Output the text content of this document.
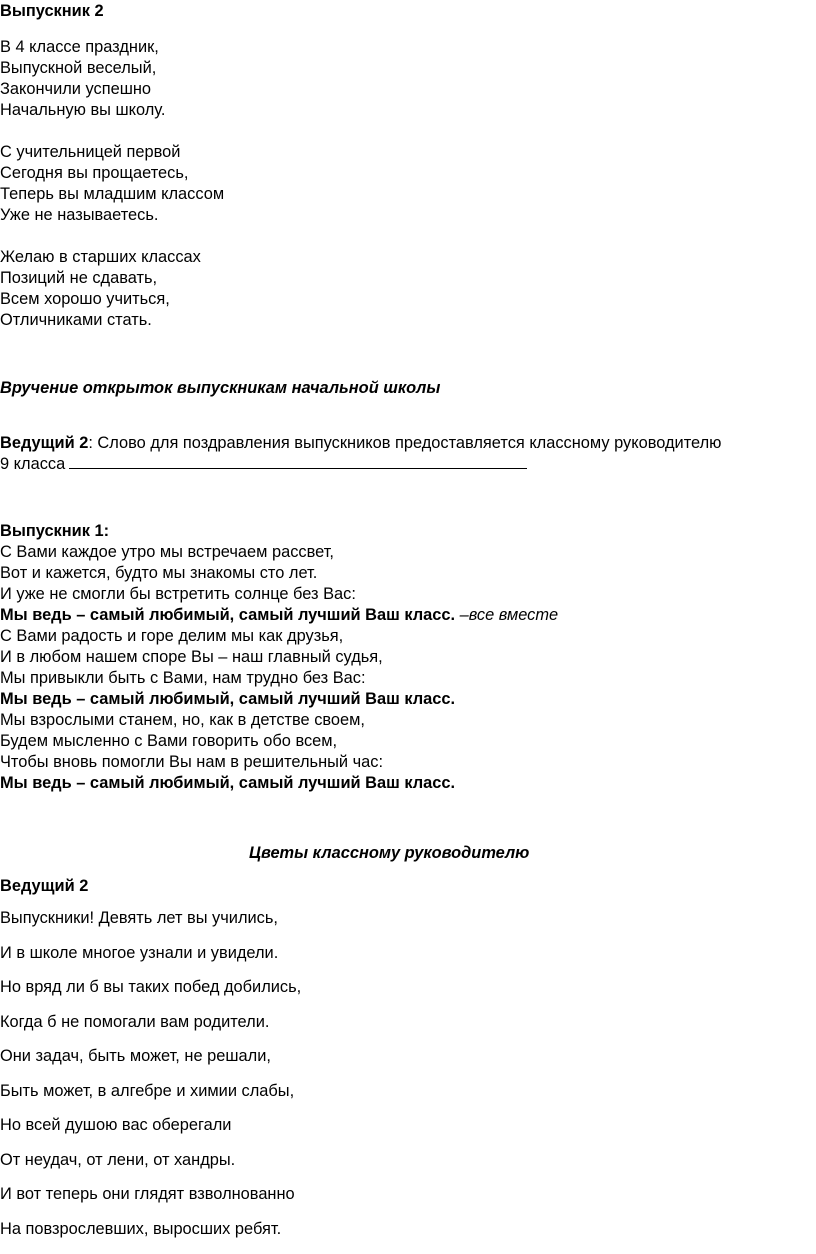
Выпускник 2
В 4 классе праздник,
Выпускной веселый,
Закончили успешно
Начальную вы школу.
С учительницей первой
Сегодня вы прощаетесь,
Теперь вы младшим классом
Уже не называетесь.
Желаю в старших классах
Позиций не сдавать,
Всем хорошо учиться,
Отличниками стать.
Вручение открыток выпускникам начальной школы
Ведущий 2: Слово для поздравления выпускников предоставляется классному руководителю
9 класса
Выпускник 1:
С Вами каждое утро мы встречаем рассвет,
Вот и кажется, будто мы знакомы сто лет.
И уже не смогли бы встретить солнце без Вас:
Мы ведь – самый любимый, самый лучший Ваш класс. –все вместе
С Вами радость и горе делим мы как друзья,
И в любом нашем споре Вы – наш главный судья,
Мы привыкли быть с Вами, нам трудно без Вас:
Мы ведь – самый любимый, самый лучший Ваш класс.
Мы взрослыми станем, но, как в детстве своем,
Будем мысленно с Вами говорить обо всем,
Чтобы вновь помогли Вы нам в решительный час:
Мы ведь – самый любимый, самый лучший Ваш класс.
Цветы классному руководителю
Ведущий 2
Выпускники! Девять лет вы учились,
И в школе многое узнали и увидели.
Но вряд ли б вы таких побед добились,
Когда б не помогали вам родители.
Они задач, быть может, не решали,
Быть может, в алгебре и химии слабы,
Но всей душою вас оберегали
От неудач, от лени, от хандры.
И вот теперь они глядят взволнованно
На повзрослевших, выросших ребят.
